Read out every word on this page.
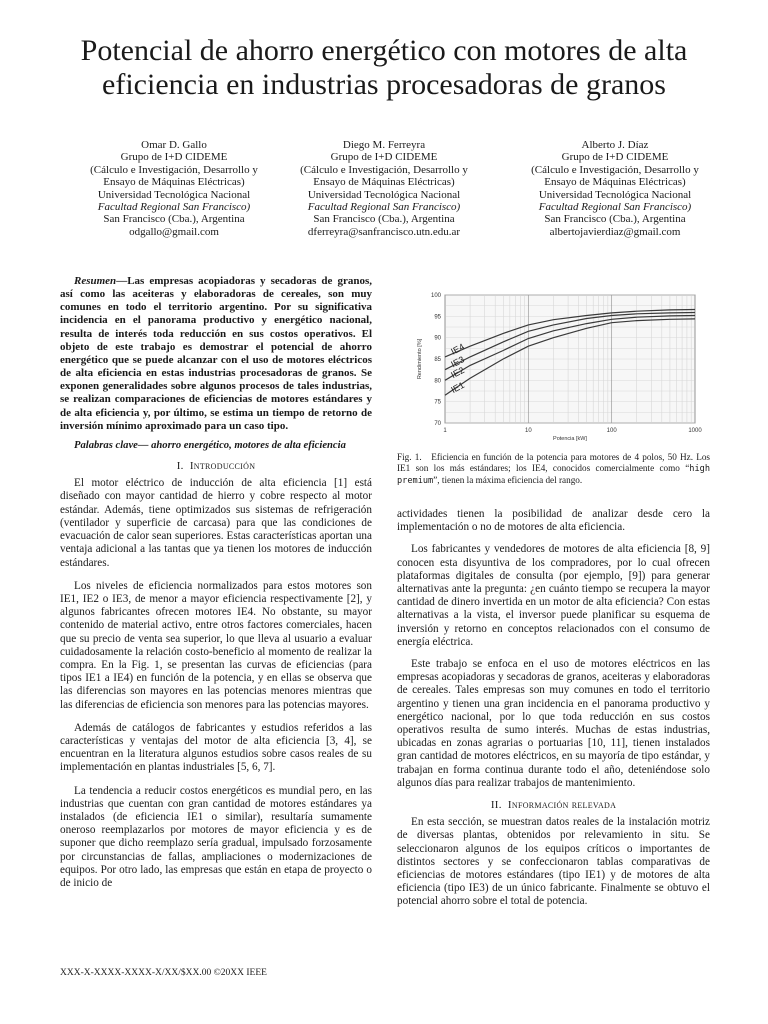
Potencial de ahorro energético con motores de alta eficiencia en industrias procesadoras de granos
Omar D. Gallo
Grupo de I+D CIDEME
(Cálculo e Investigación, Desarrollo y
Ensayo de Máquinas Eléctricas)
Universidad Tecnológica Nacional
Facultad Regional San Francisco)
San Francisco (Cba.), Argentina
odgallo@gmail.com
Diego M. Ferreyra
Grupo de I+D CIDEME
(Cálculo e Investigación, Desarrollo y
Ensayo de Máquinas Eléctricas)
Universidad Tecnológica Nacional
Facultad Regional San Francisco)
San Francisco (Cba.), Argentina
dferreyra@sanfrancisco.utn.edu.ar
Alberto J. Díaz
Grupo de I+D CIDEME
(Cálculo e Investigación, Desarrollo y
Ensayo de Máquinas Eléctricas)
Universidad Tecnológica Nacional
Facultad Regional San Francisco)
San Francisco (Cba.), Argentina
albertojavierdiaz@gmail.com

Resumen—Las empresas acopiadoras y secadoras de granos, así como las aceiteras y elaboradoras de cereales, son muy comunes en todo el territorio argentino. Por su significativa incidencia en el panorama productivo y energético nacional, resulta de interés toda reducción en sus costos operativos. El objeto de este trabajo es demostrar el potencial de ahorro energético que se puede alcanzar con el uso de motores eléctricos de alta eficiencia en estas industrias procesadoras de granos. Se exponen generalidades sobre algunos procesos de tales industrias, se realizan comparaciones de eficiencias de motores estándares y de alta eficiencia y, por último, se estima un tiempo de retorno de inversión mínimo aproximado para un caso tipo.

Palabras clave— ahorro energético, motores de alta eficiencia

I. Introducción

El motor eléctrico de inducción de alta eficiencia [1] está diseñado con mayor cantidad de hierro y cobre respecto al motor estándar. Además, tiene optimizados sus sistemas de refrigeración (ventilador y superficie de carcasa) para que las condiciones de evacuación de calor sean superiores. Estas características aportan una ventaja adicional a las tantas que ya tienen los motores de inducción estándares.

Los niveles de eficiencia normalizados para estos motores son IE1, IE2 o IE3, de menor a mayor eficiencia respectivamente [2], y algunos fabricantes ofrecen motores IE4. No obstante, su mayor contenido de material activo, entre otros factores comerciales, hacen que su precio de venta sea superior, lo que lleva al usuario a evaluar cuidadosamente la relación costo-beneficio al momento de realizar la compra. En la Fig. 1, se presentan las curvas de eficiencias (para tipos IE1 a IE4) en función de la potencia, y en ellas se observa que las diferencias son mayores en las potencias menores mientras que las diferencias de eficiencia son menores para las potencias mayores.

Además de catálogos de fabricantes y estudios referidos a las características y ventajas del motor de alta eficiencia [3, 4], se encuentran en la literatura algunos estudios sobre casos reales de su implementación en plantas industriales [5, 6, 7].

La tendencia a reducir costos energéticos es mundial pero, en las industrias que cuentan con gran cantidad de motores estándares ya instalados (de eficiencia IE1 o similar), resultaría sumamente oneroso reemplazarlos por motores de mayor eficiencia y es de suponer que dicho reemplazo sería gradual, impulsado forzosamente por circunstancias de fallas, ampliaciones o modernizaciones de equipos. Por otro lado, las empresas que están en etapa de proyecto o de inicio de

1	10	100	1000
70
75
80
85
90
95
100
Potencia [kW]
Rendimiento [%]	IE4
IE3
IE2
IE1
Fig. 1. Eficiencia en función de la potencia para motores de 4 polos, 50 Hz. Los IE1 son los más estándares; los IE4, conocidos comercialmente como “high premium”, tienen la máxima eficiencia del rango.

actividades tienen la posibilidad de analizar desde cero la implementación o no de motores de alta eficiencia.

Los fabricantes y vendedores de motores de alta eficiencia [8, 9] conocen esta disyuntiva de los compradores, por lo cual ofrecen plataformas digitales de consulta (por ejemplo, [9]) para generar alternativas ante la pregunta: ¿en cuánto tiempo se recupera la mayor cantidad de dinero invertida en un motor de alta eficiencia? Con estas alternativas a la vista, el inversor puede planificar su esquema de inversión y retorno en conceptos relacionados con el consumo de energía eléctrica.

Este trabajo se enfoca en el uso de motores eléctricos en las empresas acopiadoras y secadoras de granos, aceiteras y elaboradoras de cereales. Tales empresas son muy comunes en todo el territorio argentino y tienen una gran incidencia en el panorama productivo y energético nacional, por lo que toda reducción en sus costos operativos resulta de sumo interés. Muchas de estas industrias, ubicadas en zonas agrarias o portuarias [10, 11], tienen instalados gran cantidad de motores eléctricos, en su mayoría de tipo estándar, y trabajan en forma continua durante todo el año, deteniéndose solo algunos días para realizar trabajos de mantenimiento.

II. Información relevada

En esta sección, se muestran datos reales de la instalación motriz de diversas plantas, obtenidos por relevamiento in situ. Se seleccionaron algunos de los equipos críticos o importantes de distintos sectores y se confeccionaron tablas comparativas de eficiencias de motores estándares (tipo IE1) y de motores de alta eficiencia (tipo IE3) de un único fabricante. Finalmente se obtuvo el potencial ahorro sobre el total de potencia.

XXX-X-XXXX-XXXX-X/XX/$XX.00 ©20XX IEEE
